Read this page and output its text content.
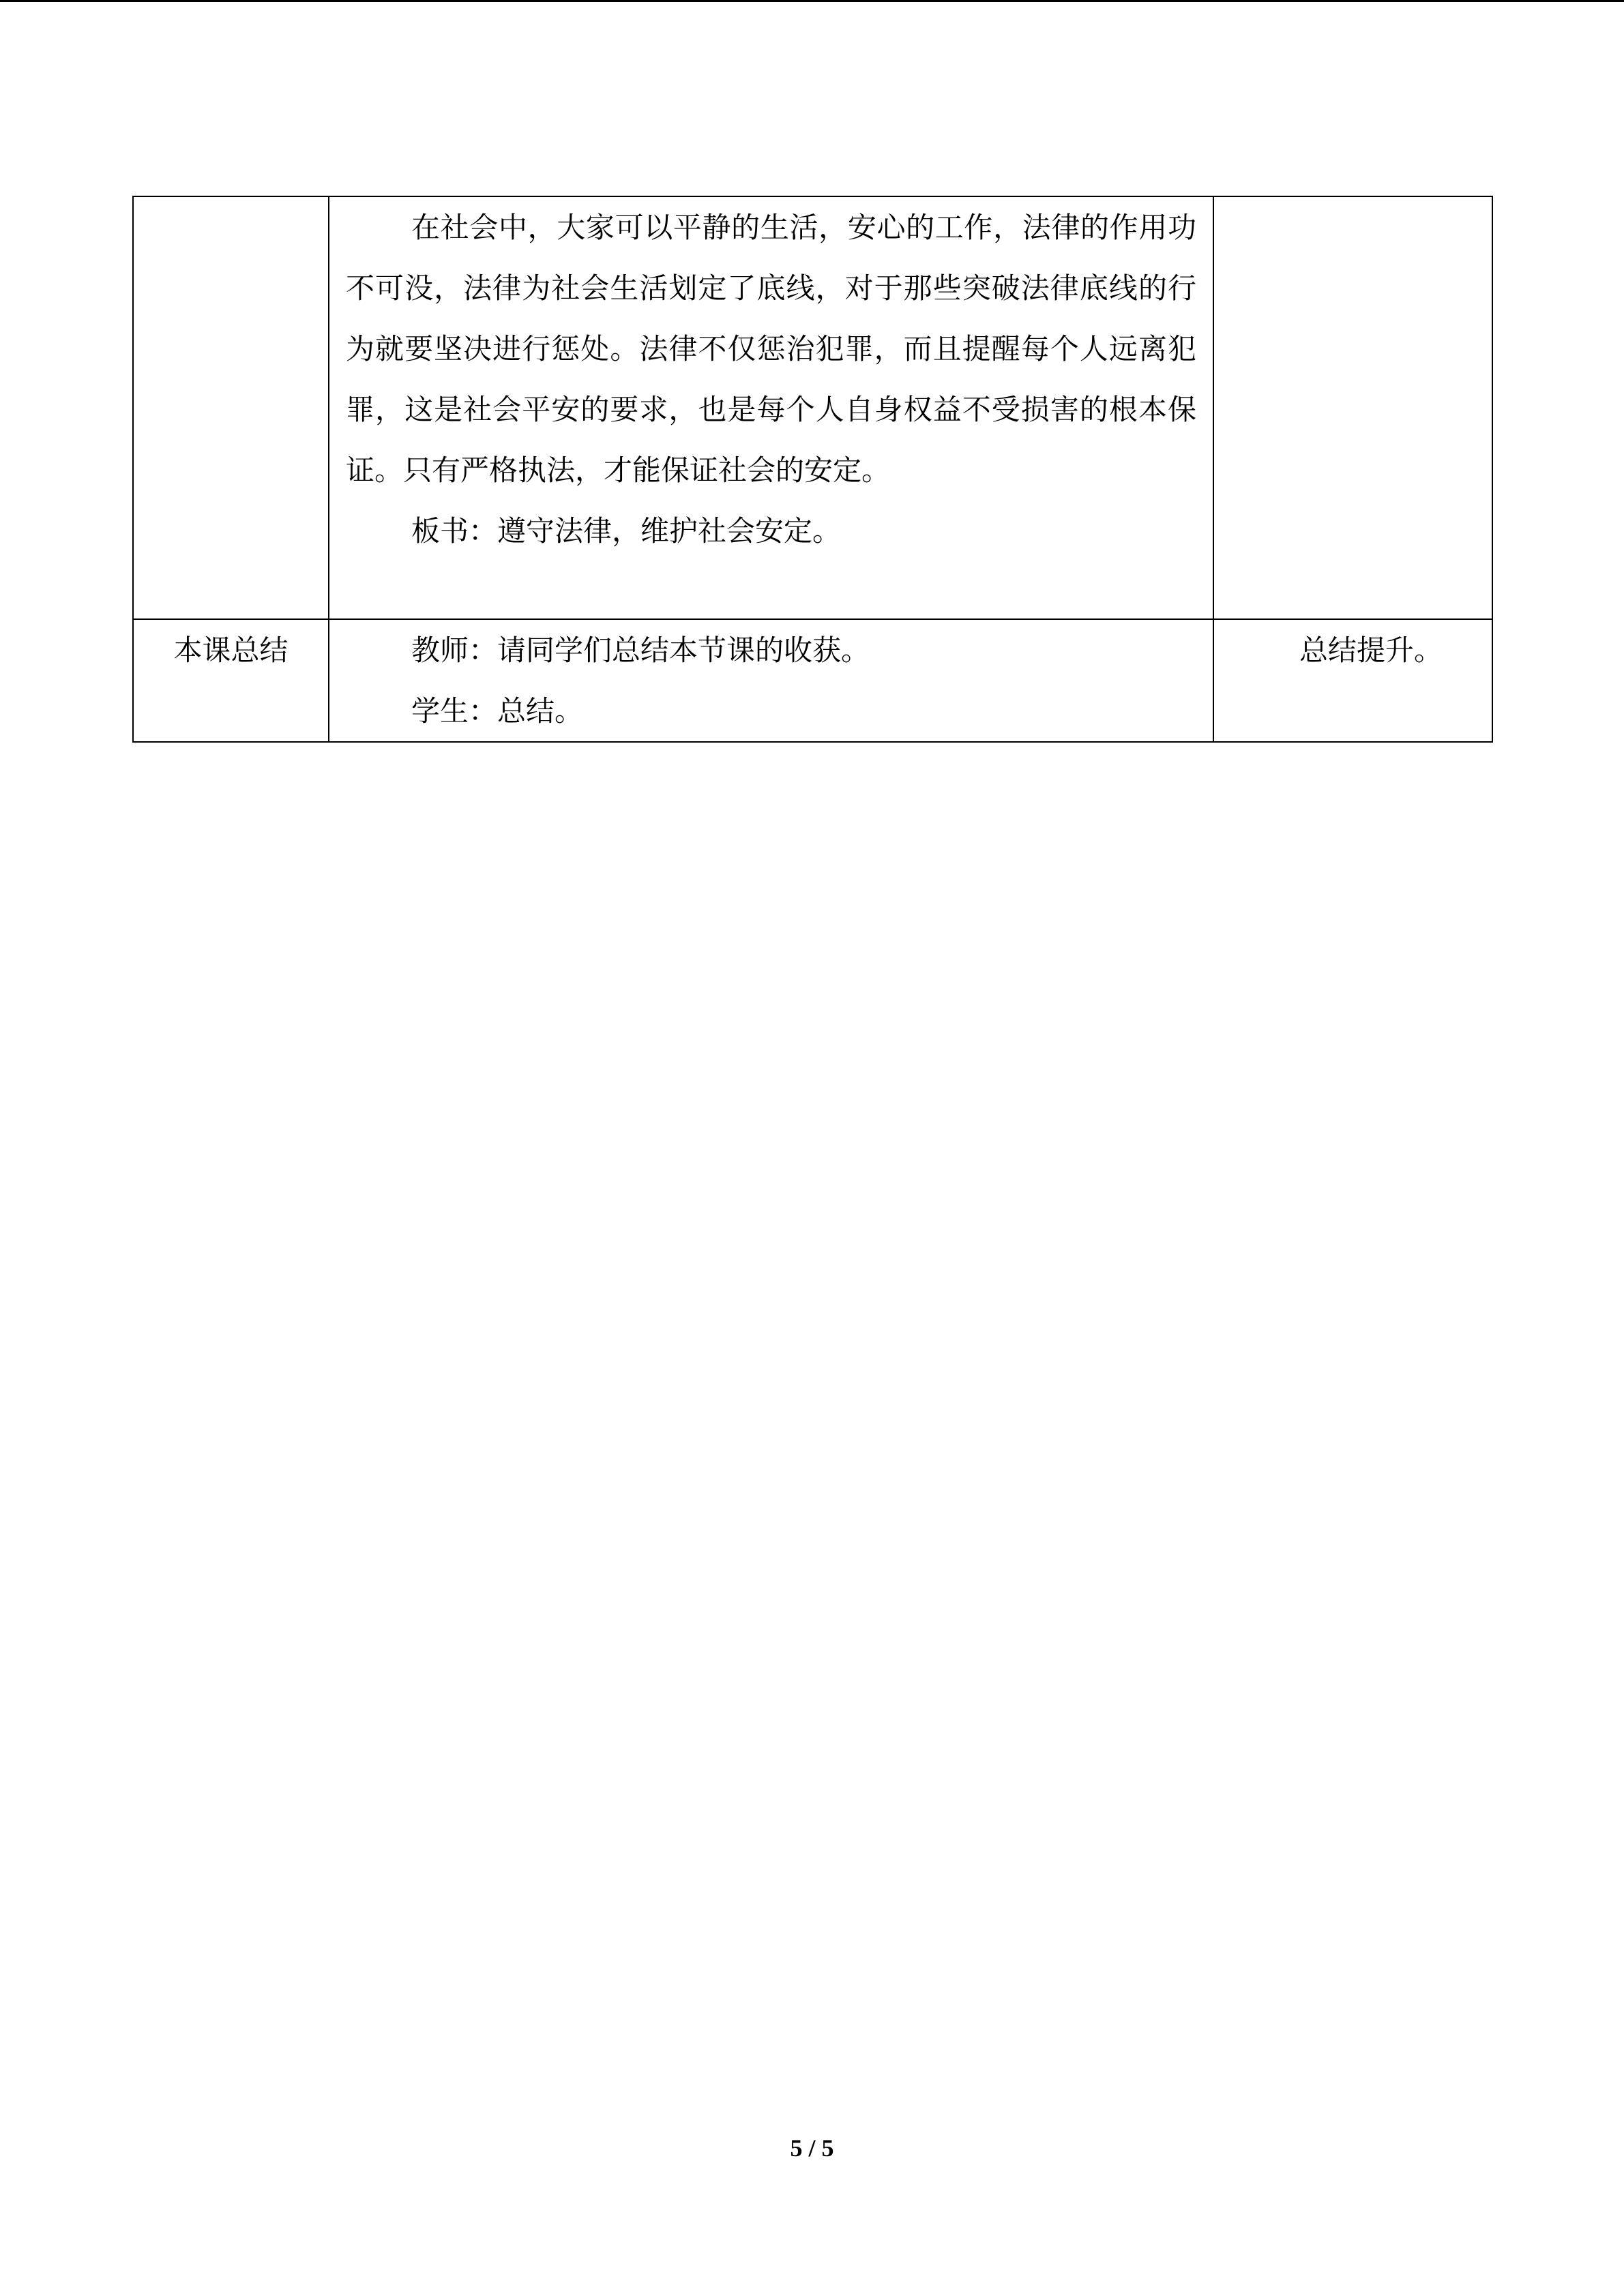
	在社会中，大家可以平静的生活，安心的工作，法律的作用功不可没，法律为社会生活划定了底线，对于那些突破法律底线的行为就要坚决进行惩处。法律不仅惩治犯罪，而且提醒每个人远离犯罪，这是社会平安的要求，也是每个人自身权益不受损害的根本保证。只有严格执法，才能保证社会的安定。

板书：遵守法律，维护社会安定。	

本课总结	教师：请同学们总结本节课的收获。

学生：总结。	总结提升。
5 / 5
